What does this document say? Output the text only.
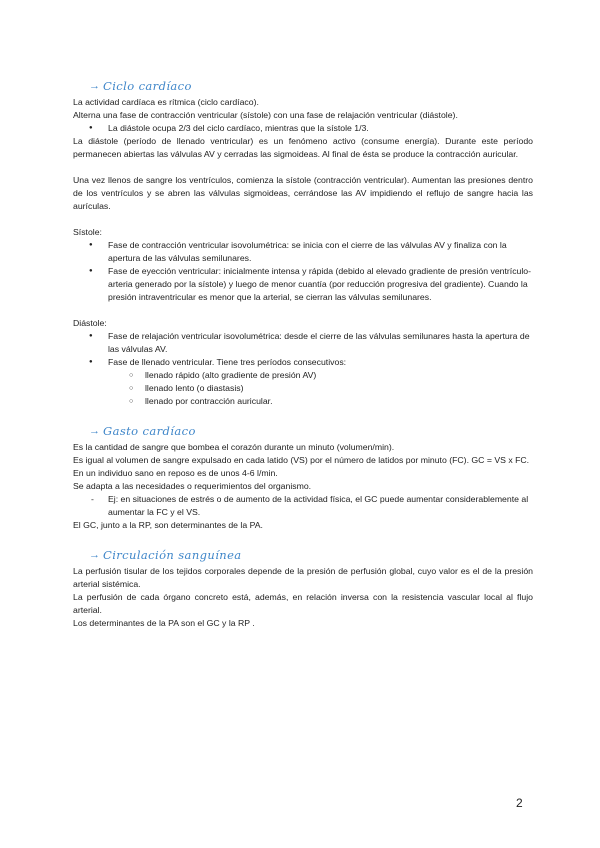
→ Ciclo cardíaco

La actividad cardíaca es rítmica (ciclo cardíaco).

Alterna una fase de contracción ventricular (sístole) con una fase de relajación ventricular (diástole).

● La diástole ocupa 2/3 del ciclo cardíaco, mientras que la sístole 1/3.

La diástole (período de llenado ventricular) es un fenómeno activo (consume energía). Durante este período permanecen abiertas las válvulas AV y cerradas las sigmoideas. Al final de ésta se produce la contracción auricular.

Una vez llenos de sangre los ventrículos, comienza la sístole (contracción ventricular). Aumentan las presiones dentro de los ventrículos y se abren las válvulas sigmoideas, cerrándose las AV impidiendo el reflujo de sangre hacia las aurículas.

Sístole:

● Fase de contracción ventricular isovolumétrica: se inicia con el cierre de las válvulas AV y finaliza con la apertura de las válvulas semilunares.
● Fase de eyección ventricular: inicialmente intensa y rápida (debido al elevado gradiente de presión ventrículo-arteria generado por la sístole) y luego de menor cuantía (por reducción progresiva del gradiente). Cuando la presión intraventricular es menor que la arterial, se cierran las válvulas semilunares.

Diástole:

● Fase de relajación ventricular isovolumétrica: desde el cierre de las válvulas semilunares hasta la apertura de las válvulas AV.
● Fase de llenado ventricular. Tiene tres períodos consecutivos:
○ llenado rápido (alto gradiente de presión AV)
○ llenado lento (o diastasis)
○ llenado por contracción auricular.
→ Gasto cardíaco

Es la cantidad de sangre que bombea el corazón durante un minuto (volumen/min).

Es igual al volumen de sangre expulsado en cada latido (VS) por el número de latidos por minuto (FC). GC = VS x FC.

En un individuo sano en reposo es de unos 4-6 l/min.

Se adapta a las necesidades o requerimientos del organismo.

- Ej: en situaciones de estrés o de aumento de la actividad física, el GC puede aumentar considerablemente al aumentar la FC y el VS.

El GC, junto a la RP, son determinantes de la PA.

→ Circulación sanguínea

La perfusión tisular de los tejidos corporales depende de la presión de perfusión global, cuyo valor es el de la presión arterial sistémica.

La perfusión de cada órgano concreto está, además, en relación inversa con la resistencia vascular local al flujo arterial.

Los determinantes de la PA son el GC y la RP .

2
